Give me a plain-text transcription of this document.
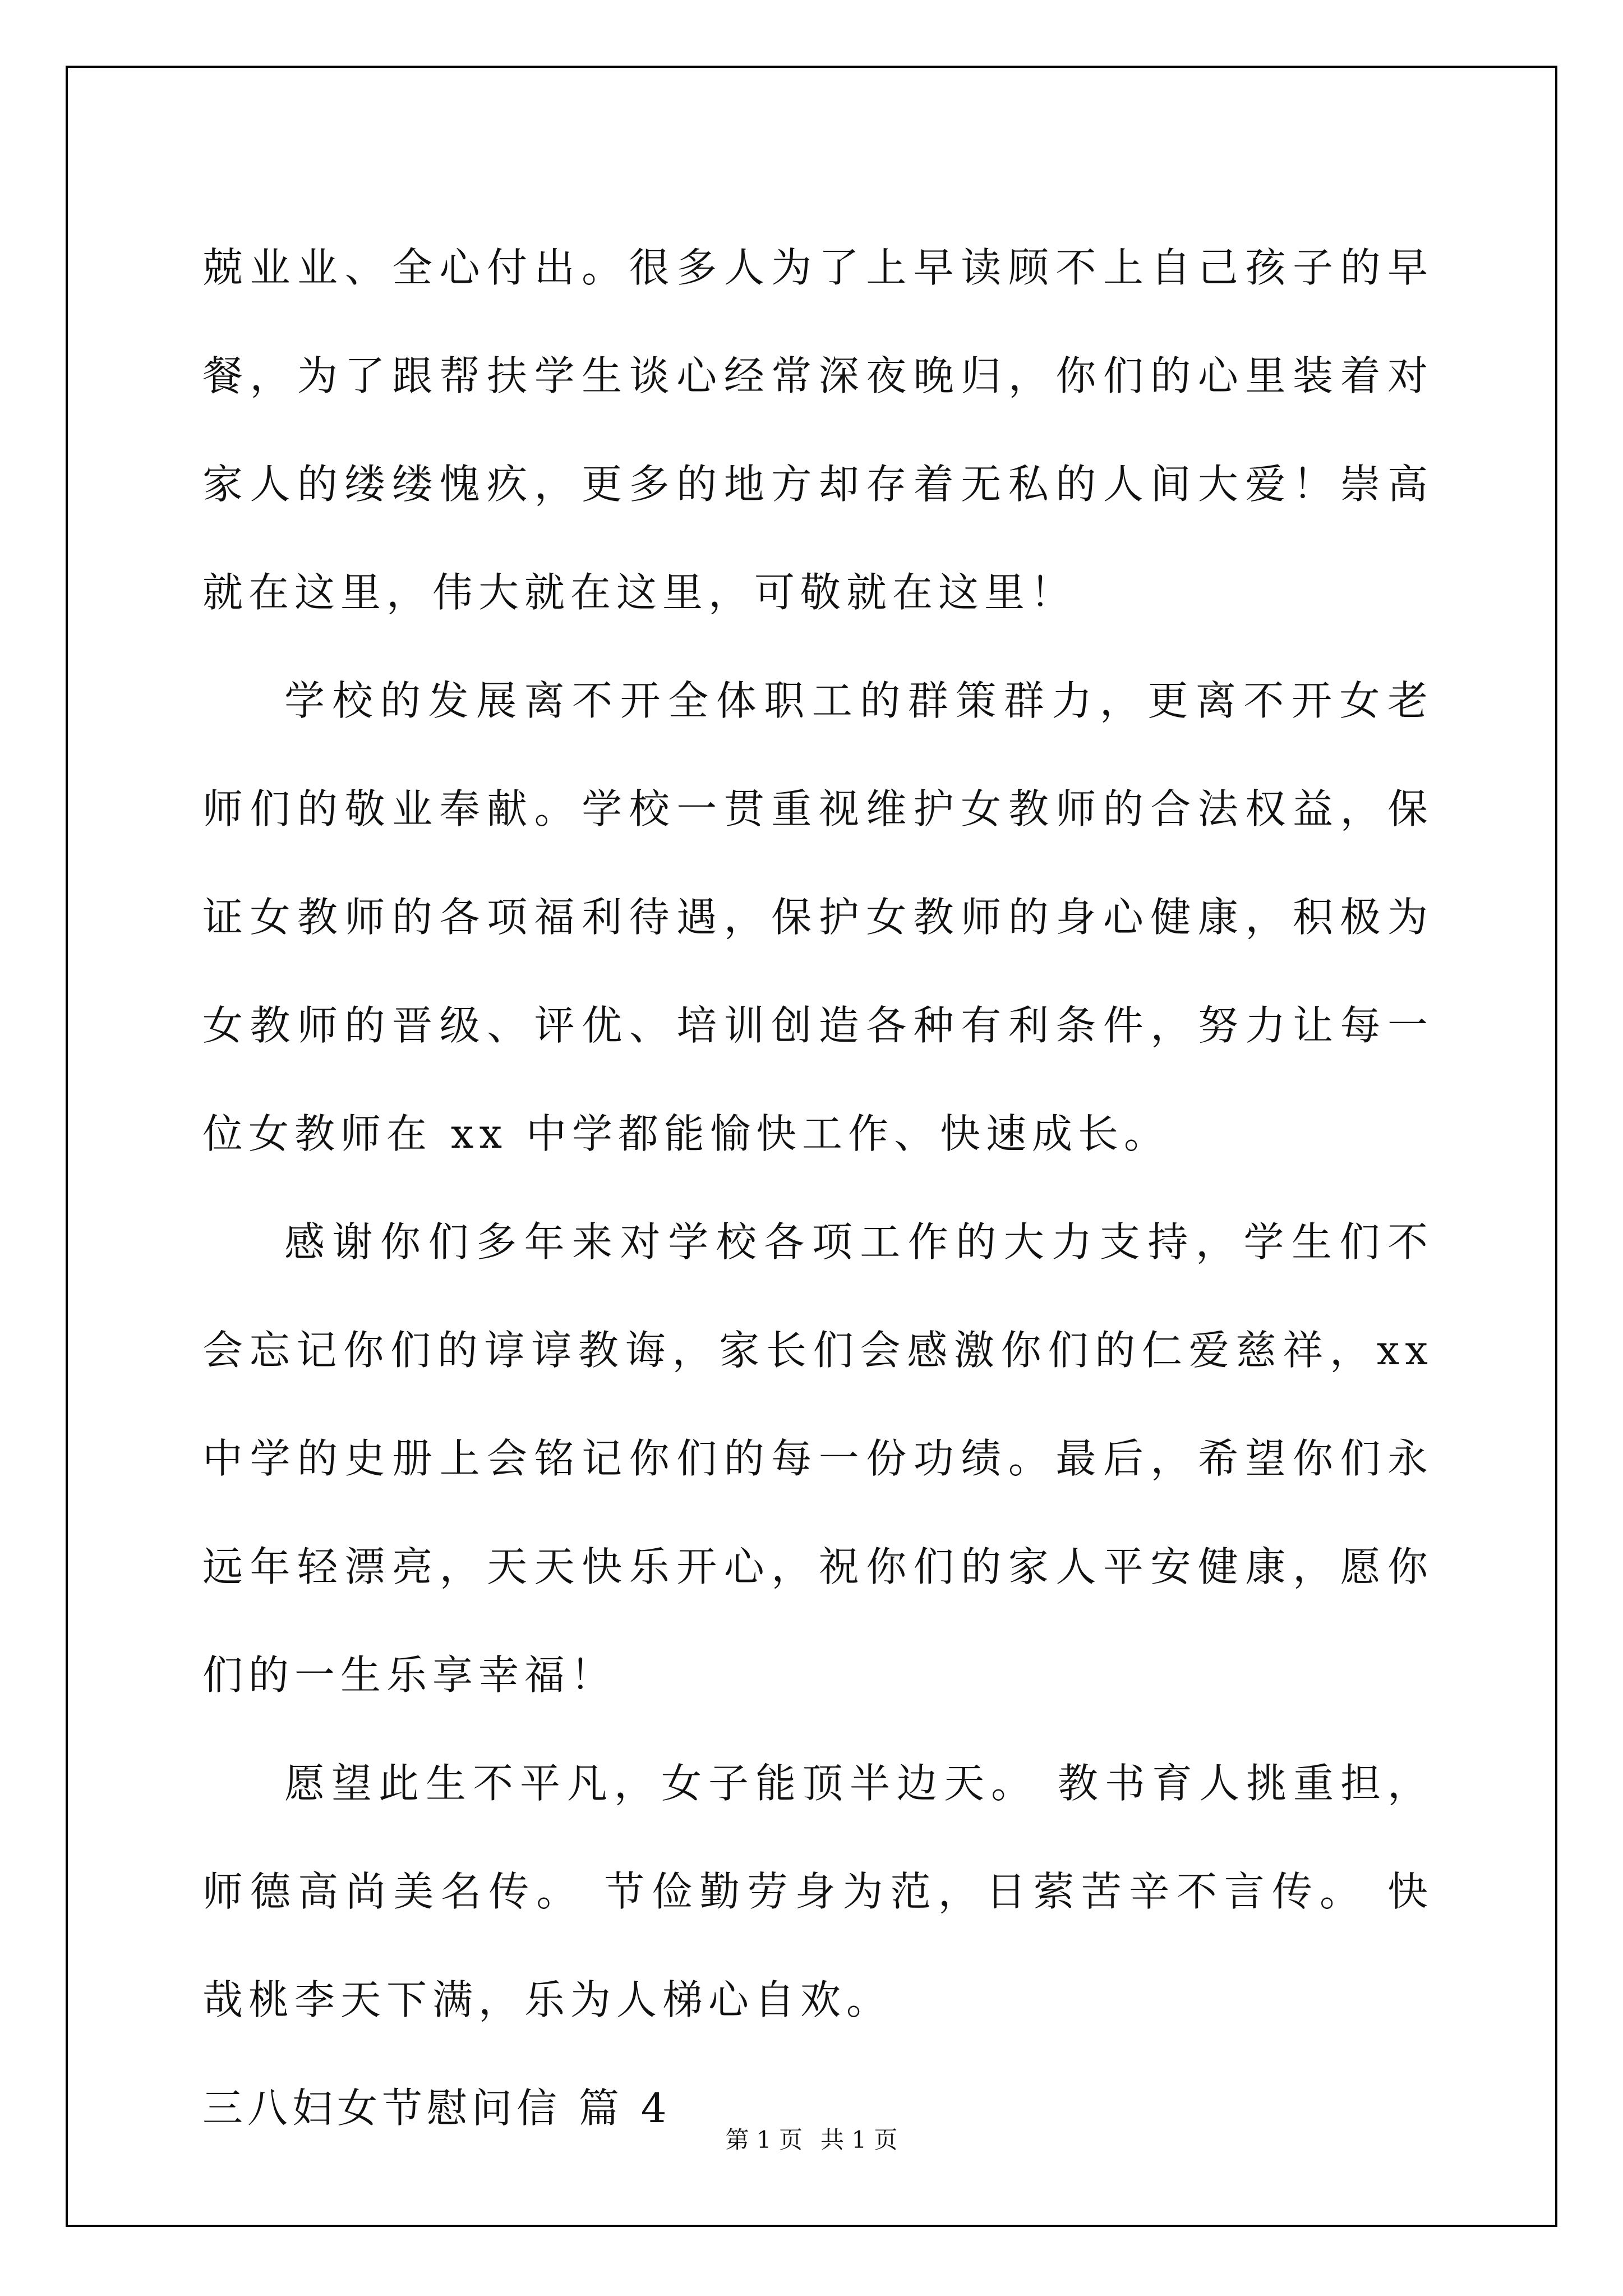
兢业业、全心付出。很多人为了上早读顾不上自己孩子的早餐，为了跟帮扶学生谈心经常深夜晚归，你们的心里装着对家人的缕缕愧疚，更多的地方却存着无私的人间大爱！崇高就在这里，伟大就在这里，可敬就在这里！

学校的发展离不开全体职工的群策群力，更离不开女老师们的敬业奉献。学校一贯重视维护女教师的合法权益，保证女教师的各项福利待遇，保护女教师的身心健康，积极为女教师的晋级、评优、培训创造各种有利条件，努力让每一位女教师在 xx 中学都能愉快工作、快速成长。

感谢你们多年来对学校各项工作的大力支持，学生们不会忘记你们的谆谆教诲，家长们会感激你们的仁爱慈祥，xx 中学的史册上会铭记你们的每一份功绩。最后，希望你们永远年轻漂亮，天天快乐开心，祝你们的家人平安健康，愿你们的一生乐享幸福！

愿望此生不平凡，女子能顶半边天。 教书育人挑重担，师德高尚美名传。 节俭勤劳身为范，日萦苦辛不言传。 快哉桃李天下满，乐为人梯心自欢。

三八妇女节慰问信 篇 4

第 1 页 共 1 页
